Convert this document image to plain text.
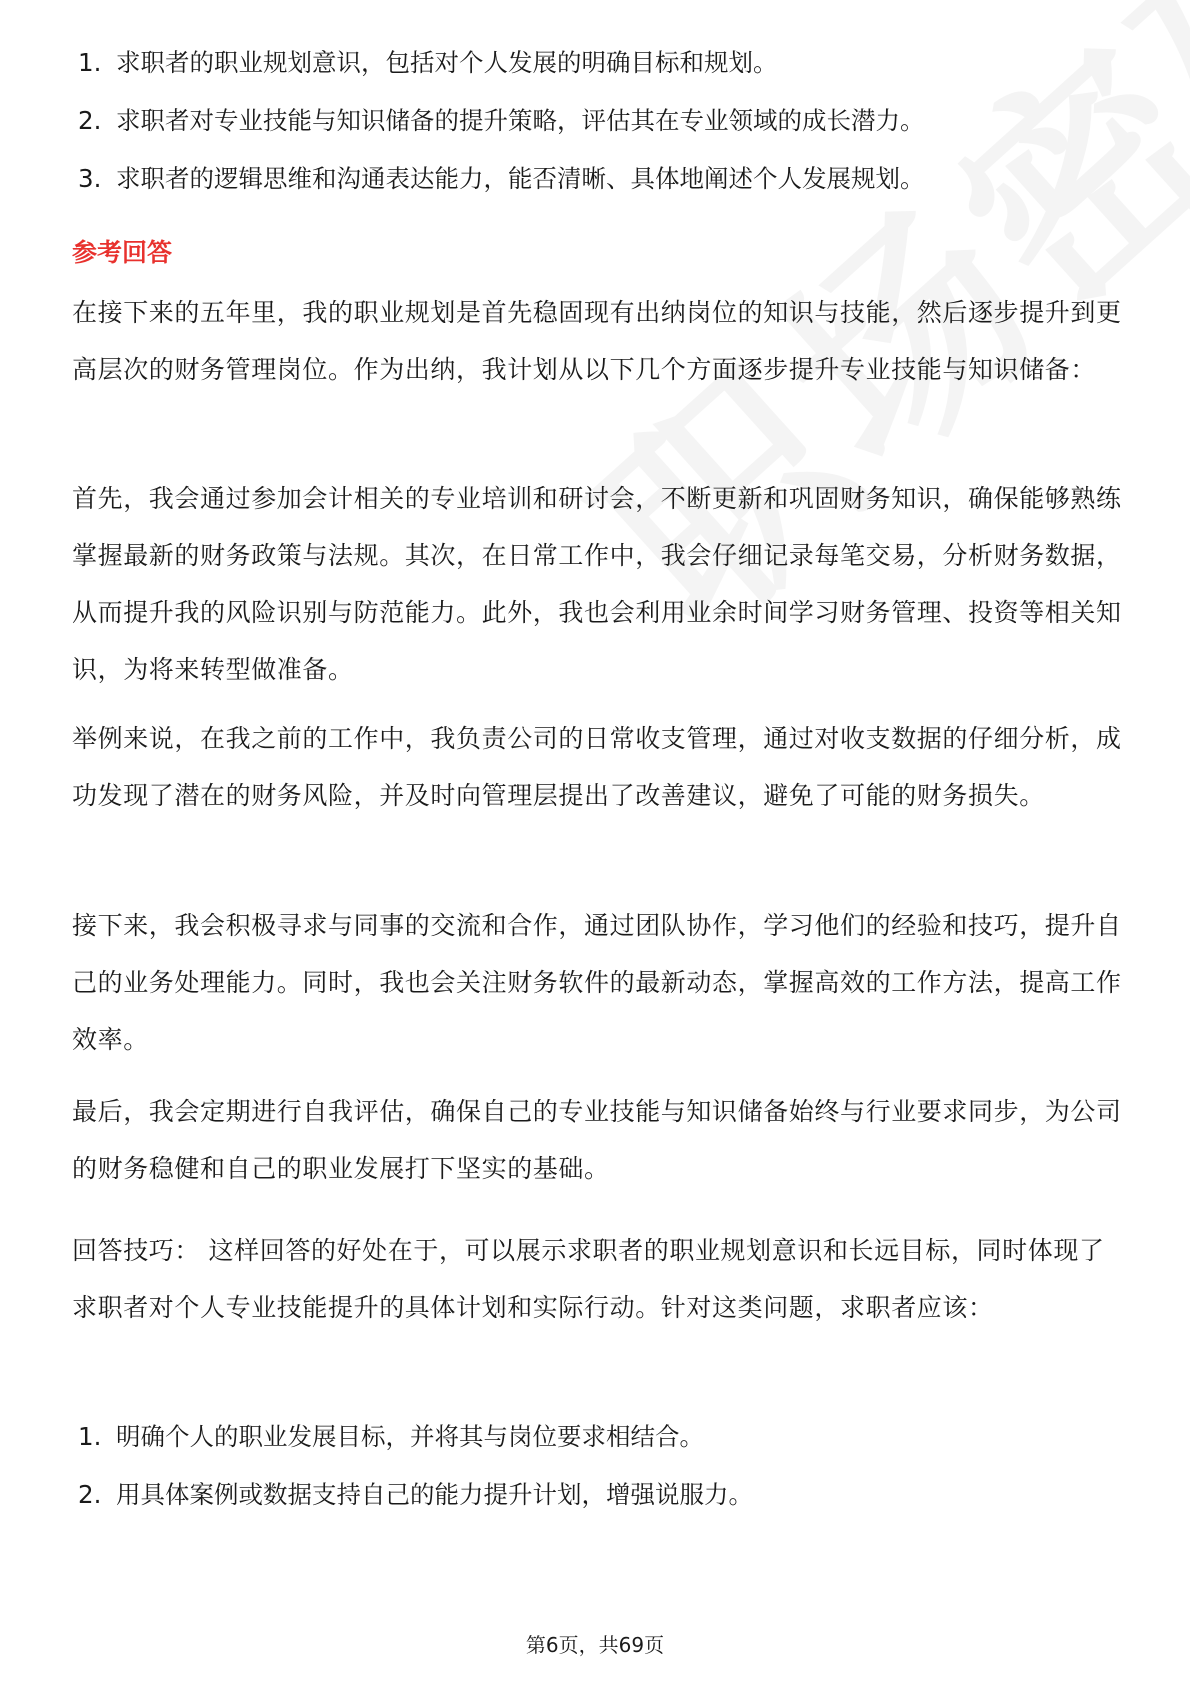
1. 求职者的职业规划意识，包括对个人发展的明确目标和规划。
2. 求职者对专业技能与知识储备的提升策略，评估其在专业领域的成长潜力。
3. 求职者的逻辑思维和沟通表达能力，能否清晰、具体地阐述个人发展规划。
参考回答

在接下来的五年里，我的职业规划是首先稳固现有出纳岗位的知识与技能，然后逐步提升到更高层次的财务管理岗位。作为出纳，我计划从以下几个方面逐步提升专业技能与知识储备：

首先，我会通过参加会计相关的专业培训和研讨会，不断更新和巩固财务知识，确保能够熟练掌握最新的财务政策与法规。其次，在日常工作中，我会仔细记录每笔交易，分析财务数据，从而提升我的风险识别与防范能力。此外，我也会利用业余时间学习财务管理、投资等相关知识，为将来转型做准备。

举例来说，在我之前的工作中，我负责公司的日常收支管理，通过对收支数据的仔细分析，成功发现了潜在的财务风险，并及时向管理层提出了改善建议，避免了可能的财务损失。

接下来，我会积极寻求与同事的交流和合作，通过团队协作，学习他们的经验和技巧，提升自己的业务处理能力。同时，我也会关注财务软件的最新动态，掌握高效的工作方法，提高工作效率。

最后，我会定期进行自我评估，确保自己的专业技能与知识储备始终与行业要求同步，为公司的财务稳健和自己的职业发展打下坚实的基础。

回答技巧： 这样回答的好处在于，可以展示求职者的职业规划意识和长远目标，同时体现了求职者对个人专业技能提升的具体计划和实际行动。针对这类问题，求职者应该：

1. 明确个人的职业发展目标，并将其与岗位要求相结合。
2. 用具体案例或数据支持自己的能力提升计划，增强说服力。
第6页，共69页
